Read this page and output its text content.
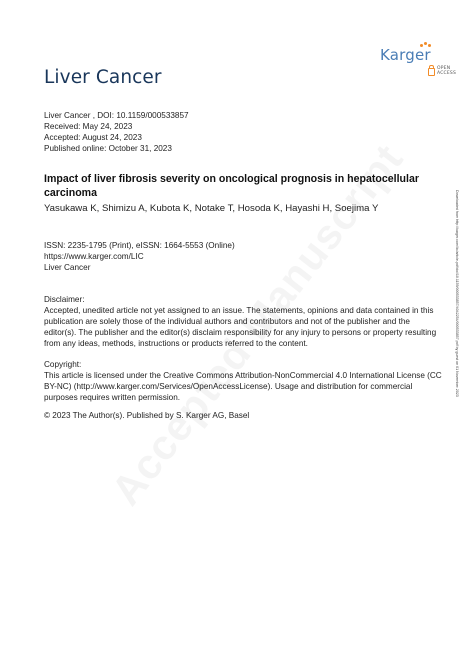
Karger
OPEN
ACCESS
Liver Cancer
Liver Cancer , DOI: 10.1159/000533857
Received: May 24, 2023
Accepted: August 24, 2023
Published online: October 31, 2023
Impact of liver fibrosis severity on oncological prognosis in hepatocellular carcinoma
Yasukawa K, Shimizu A, Kubota K, Notake T, Hosoda K, Hayashi H, Soejima Y
ISSN: 2235-1795 (Print), eISSN: 1664-5553 (Online)
https://www.karger.com/LIC
Liver Cancer

Disclaimer:

Accepted, unedited article not yet assigned to an issue. The statements, opinions and data contained in this publication are solely those of the individual authors and contributors and not of the publisher and the editor(s). The publisher and the editor(s) disclaim responsibility for any injury to persons or property resulting from any ideas, methods, instructions or products referred to the content.

Copyright:

This article is licensed under the Creative Commons Attribution-NonCommercial 4.0 International License (CC BY-NC) (http://www.karger.com/Services/OpenAccessLicense). Usage and distribution for commercial purposes requires written permission.

© 2023 The Author(s). Published by S. Karger AG, Basel
Downloaded from http://karger.com/lic/article-pdf/doi/10.1159/000533857/4042254/000533857.pdf by guest on 01 November 2023
